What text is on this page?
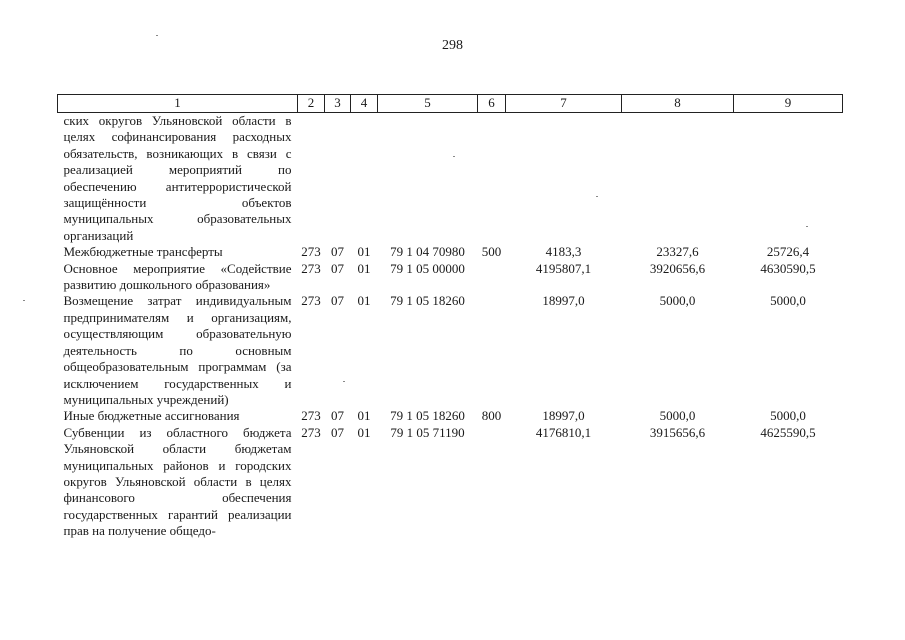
298
1	2	3	4	5	6	7	8	9
ских округов Ульяновской области в целях софинансирования расходных обязательств, возникающих в связи с реализацией мероприятий по обеспечению антитеррористической защищённости объектов муниципальных образовательных организаций								
Межбюджетные трансферты	273	07	01	79 1 04 70980	500	4183,3	23327,6	25726,4
Основное мероприятие «Содействие развитию дошкольного образования»	273	07	01	79 1 05 00000		4195807,1	3920656,6	4630590,5
Возмещение затрат индивидуальным предпринимателям и организациям, осуществляющим образовательную деятельность по основным общеобразовательным программам (за исключением государственных и муниципальных учреждений)	273	07	01	79 1 05 18260		18997,0	5000,0	5000,0
Иные бюджетные ассигнования	273	07	01	79 1 05 18260	800	18997,0	5000,0	5000,0
Субвенции из областного бюджета Ульяновской области бюджетам муниципальных районов и городских округов Ульяновской области в целях финансового обеспечения государственных гарантий реализации прав на получение общедо-	273	07	01	79 1 05 71190		4176810,1	3915656,6	4625590,5
